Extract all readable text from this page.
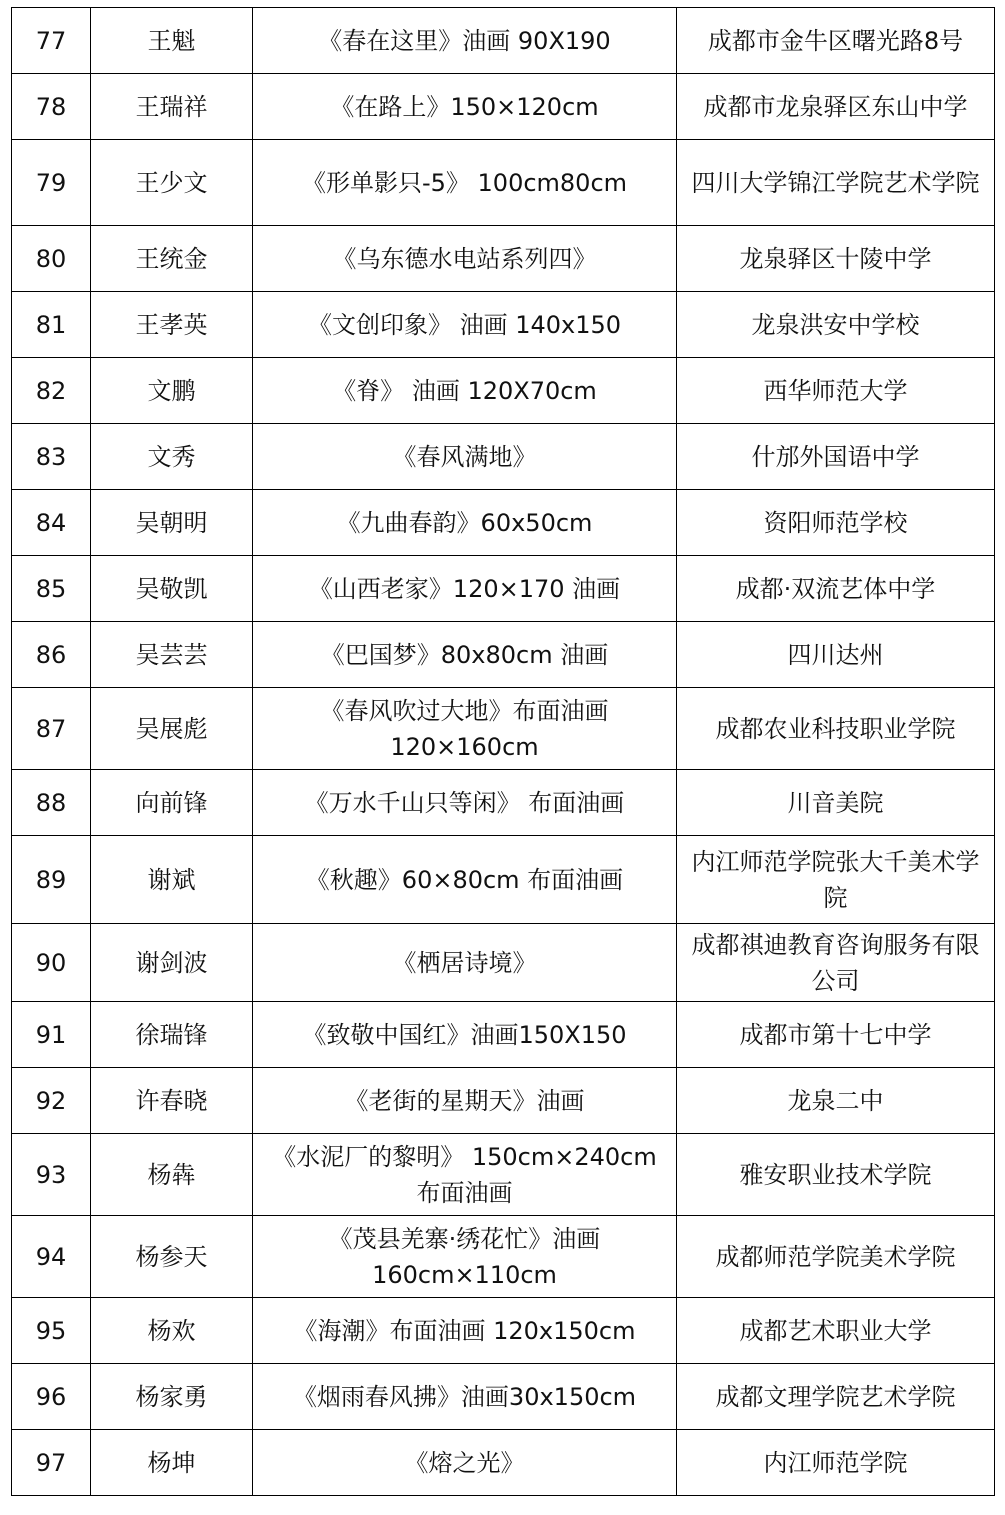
77	王魁	《春在这里》油画 90X190	成都市金牛区曙光路8号
78	王瑞祥	《在路上》150×120cm	成都市龙泉驿区东山中学
79	王少文	《形单影只-5》 100cm80cm	四川大学锦江学院艺术学院
80	王统金	《乌东德水电站系列四》	龙泉驿区十陵中学
81	王孝英	《文创印象》 油画 140x150	龙泉洪安中学校
82	文鹏	《脊》 油画 120X70cm	西华师范大学
83	文秀	《春风满地》	什邡外国语中学
84	吴朝明	《九曲春韵》60x50cm	资阳师范学校
85	吴敬凯	《山西老家》120×170 油画	成都·双流艺体中学
86	吴芸芸	《巴国梦》80x80cm 油画	四川达州
87	吴展彪	《春风吹过大地》布面油画 120×160cm	成都农业科技职业学院
88	向前锋	《万水千山只等闲》 布面油画	川音美院
89	谢斌	《秋趣》60×80cm 布面油画	内江师范学院张大千美术学院
90	谢剑波	《栖居诗境》	成都祺迪教育咨询服务有限公司
91	徐瑞锋	《致敬中国红》油画150X150	成都市第十七中学
92	许春晓	《老街的星期天》油画	龙泉二中
93	杨犇	《水泥厂的黎明》 150cm×240cm 布面油画	雅安职业技术学院
94	杨参天	《茂县羌寨·绣花忙》油画 160cm×110cm	成都师范学院美术学院
95	杨欢	《海潮》布面油画 120x150cm	成都艺术职业大学
96	杨家勇	《烟雨春风拂》油画30x150cm	成都文理学院艺术学院
97	杨坤	《熔之光》	内江师范学院
